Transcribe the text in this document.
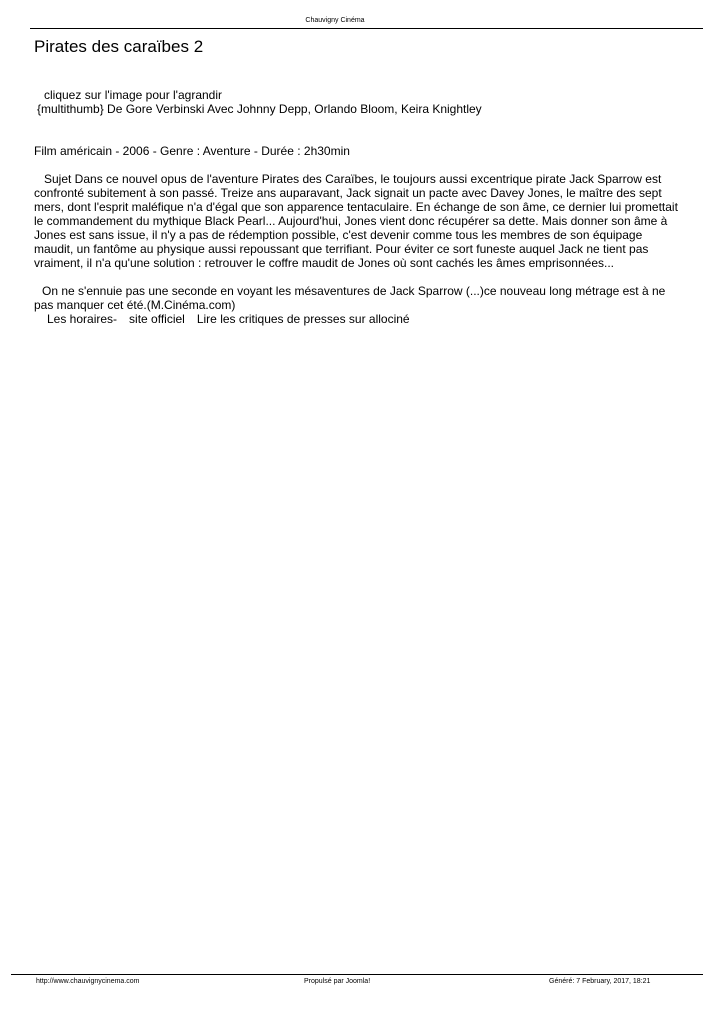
Chauvigny Cinéma
Pirates des caraïbes 2

cliquez sur l'image pour l'agrandir

{multithumb} De Gore Verbinski Avec Johnny Depp, Orlando Bloom, Keira Knightley

Film américain - 2006 - Genre : Aventure - Durée : 2h30min

Sujet Dans ce nouvel opus de l'aventure Pirates des Caraïbes, le toujours aussi excentrique pirate Jack Sparrow est confronté subitement à son passé. Treize ans auparavant, Jack signait un pacte avec Davey Jones, le maître des sept mers, dont l'esprit maléfique n'a d'égal que son apparence tentaculaire. En échange de son âme, ce dernier lui promettait le commandement du mythique Black Pearl... Aujourd'hui, Jones vient donc récupérer sa dette. Mais donner son âme à Jones est sans issue, il n'y a pas de rédemption possible, c'est devenir comme tous les membres de son équipage maudit, un fantôme au physique aussi repoussant que terrifiant. Pour éviter ce sort funeste auquel Jack ne tient pas vraiment, il n'a qu'une solution : retrouver le coffre maudit de Jones où sont cachés les âmes emprisonnées...

On ne s'ennuie pas une seconde en voyant les mésaventures de Jack Sparrow (...)ce nouveau long métrage est à ne pas manquer cet été.(M.Cinéma.com)

Les horaires- site officiel Lire les critiques de presses sur allociné

http://www.chauvignycinema.com	Propulsé par Joomla!	Généré: 7 February, 2017, 18:21
